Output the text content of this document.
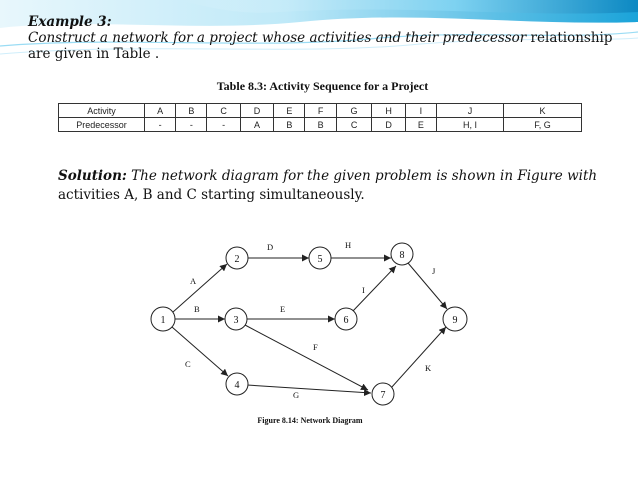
Example 3:
Construct a network for a project whose activities and their predecessor relationship are given in Table .
Table 8.3: Activity Sequence for a Project
Activity	A	B	C	D	E	F	G	H	I	J	K
Predecessor	-	-	-	A	B	B	C	D	E	H, I	F, G
Solution: The network diagram for the given problem is shown in Figure with activities A, B and C starting simultaneously.
A
B
C
D
E
F
G
H
I
J
K
1
2
3
4
5
6
7
8
9
Figure 8.14: Network Diagram
